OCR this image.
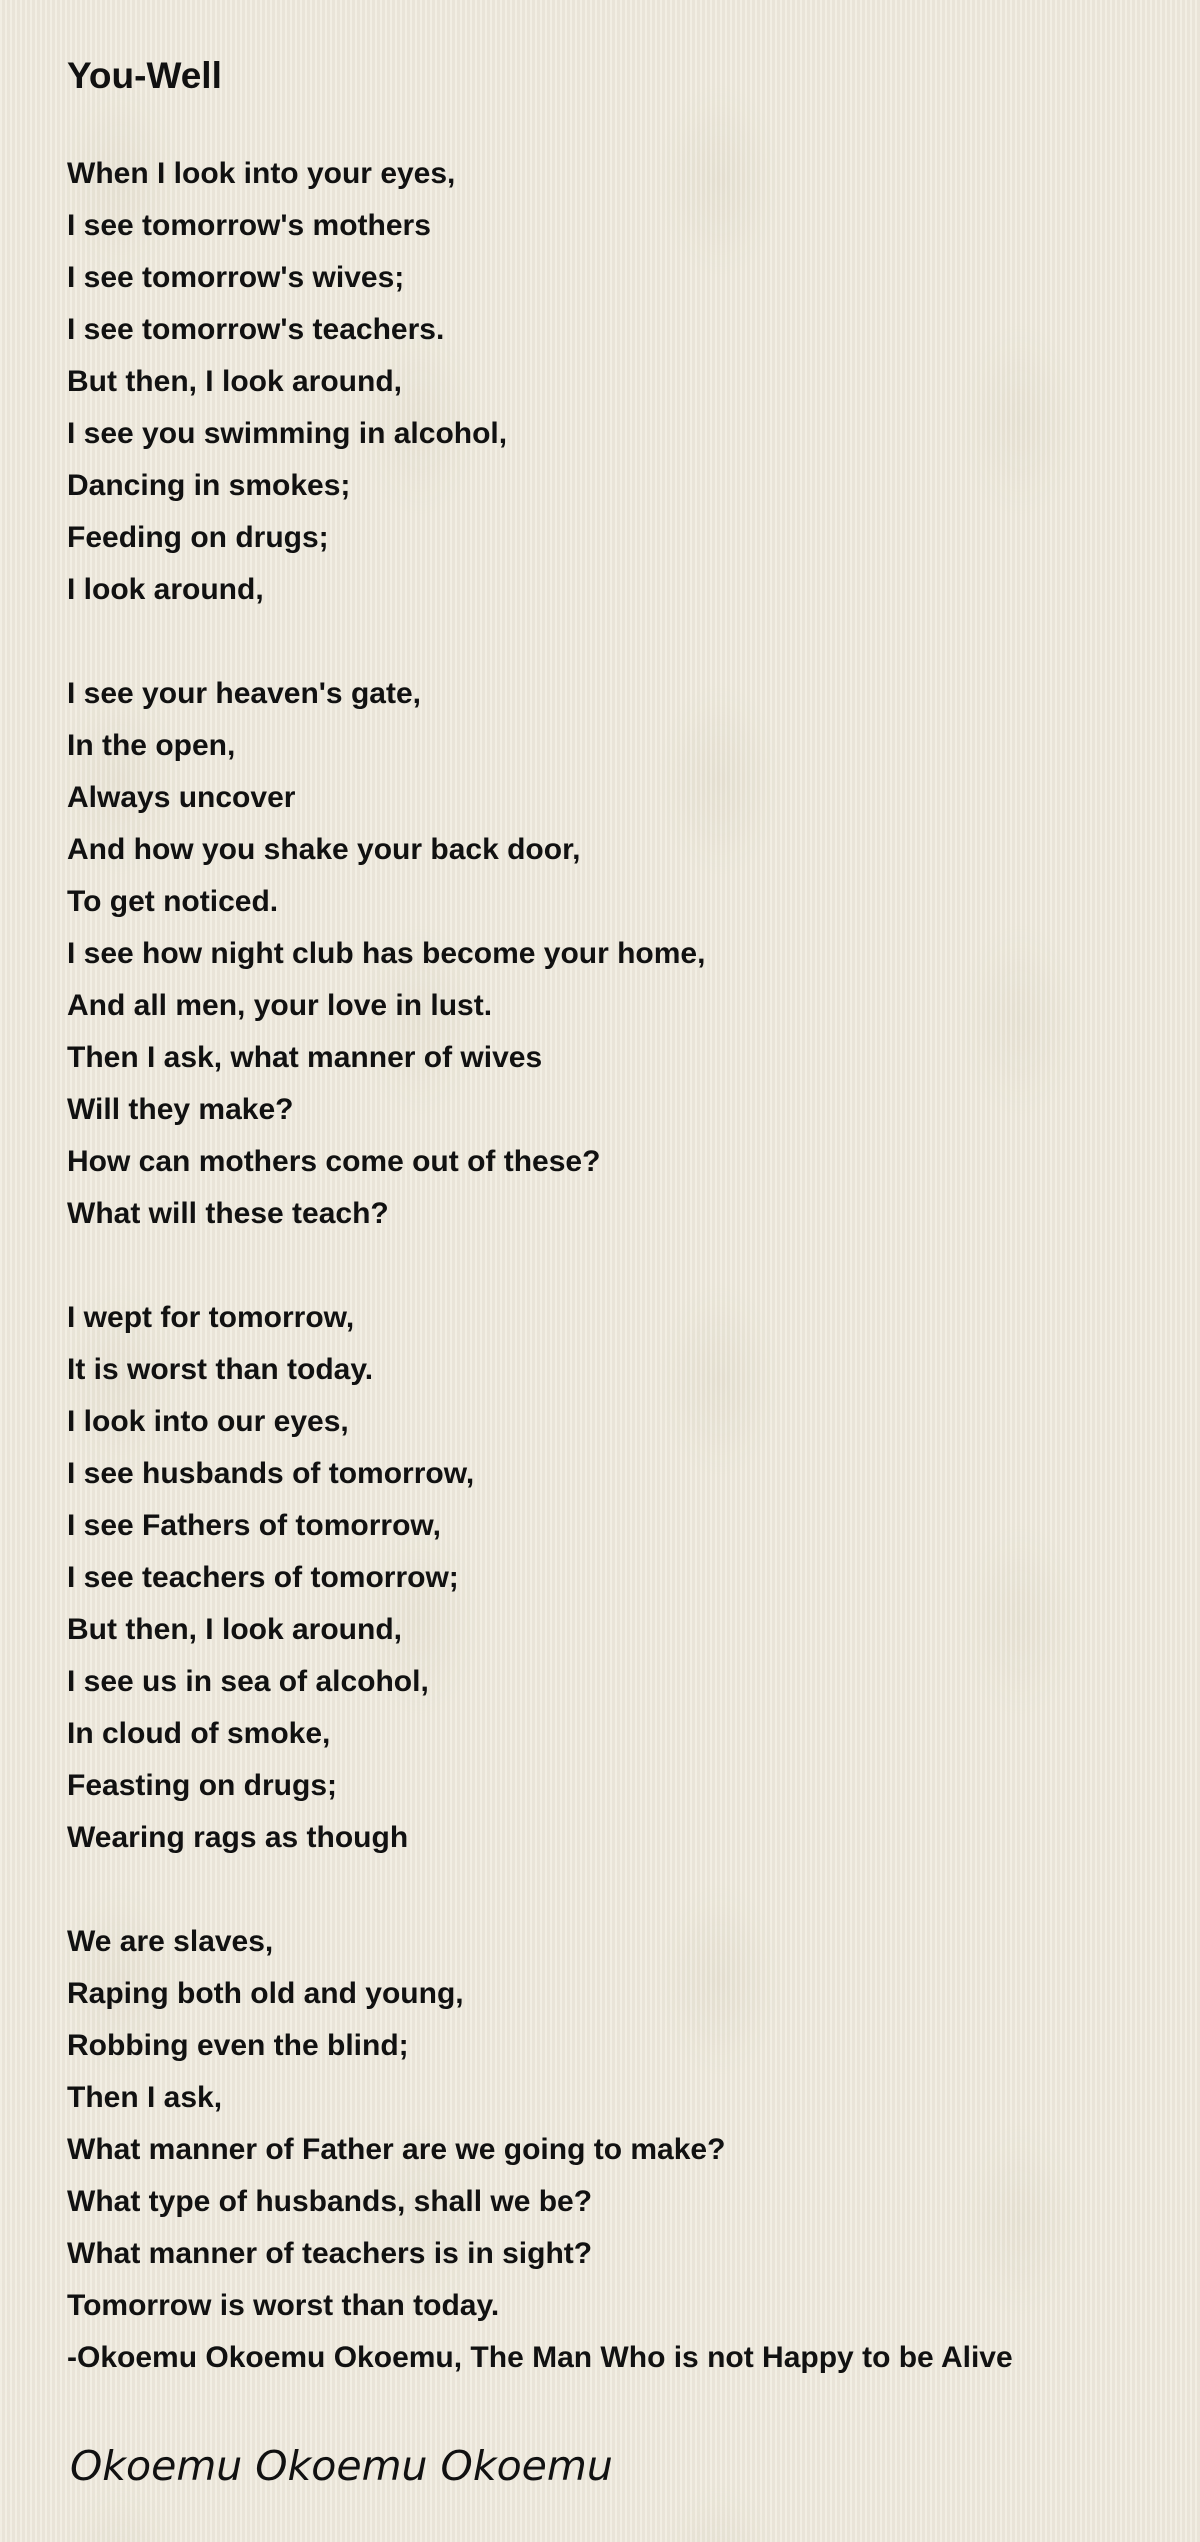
You-Well
When I look into your eyes,
I see tomorrow's mothers
I see tomorrow's wives;
I see tomorrow's teachers.
But then, I look around,
I see you swimming in alcohol,
Dancing in smokes;
Feeding on drugs;
I look around,
I see your heaven's gate,
In the open,
Always uncover
And how you shake your back door,
To get noticed.
I see how night club has become your home,
And all men, your love in lust.
Then I ask, what manner of wives
Will they make?
How can mothers come out of these?
What will these teach?
I wept for tomorrow,
It is worst than today.
I look into our eyes,
I see husbands of tomorrow,
I see Fathers of tomorrow,
I see teachers of tomorrow;
But then, I look around,
I see us in sea of alcohol,
In cloud of smoke,
Feasting on drugs;
Wearing rags as though
We are slaves,
Raping both old and young,
Robbing even the blind;
Then I ask,
What manner of Father are we going to make?
What type of husbands, shall we be?
What manner of teachers is in sight?
Tomorrow is worst than today.
-Okoemu Okoemu Okoemu, The Man Who is not Happy to be Alive
Okoemu Okoemu Okoemu
